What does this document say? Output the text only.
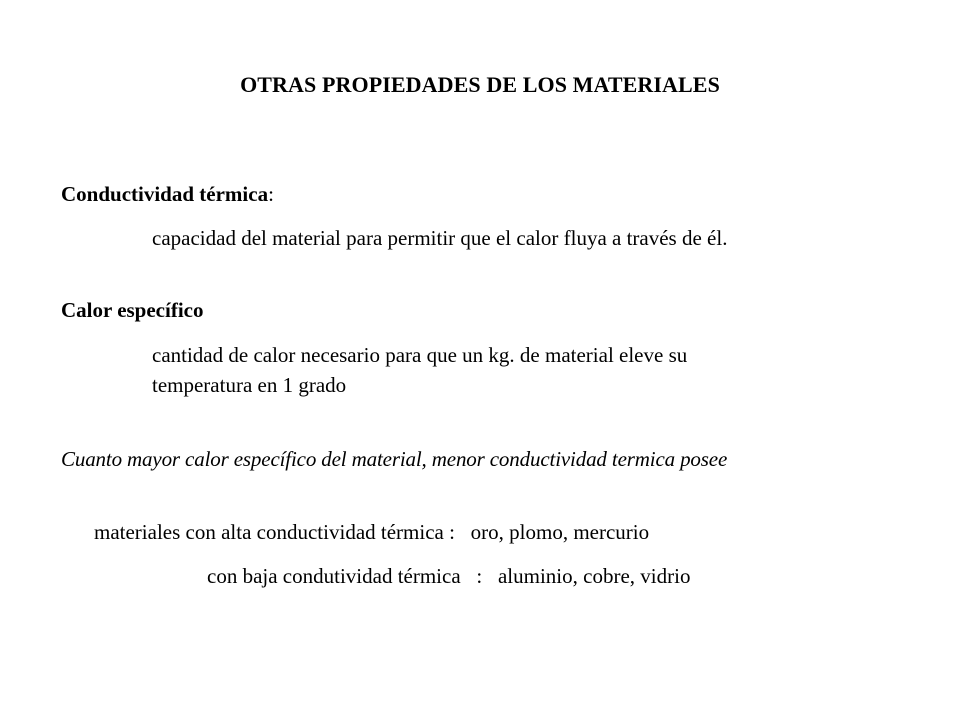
OTRAS PROPIEDADES DE LOS MATERIALES
Conductividad térmica:
capacidad del material para permitir que el calor fluya a través de él.
Calor específico
cantidad de calor necesario para que un kg. de material eleve su
temperatura en 1 grado
Cuanto mayor calor específico del material, menor conductividad termica posee
materiales con alta conductividad térmica :   oro, plomo, mercurio
con baja condutividad térmica   :   aluminio, cobre, vidrio
